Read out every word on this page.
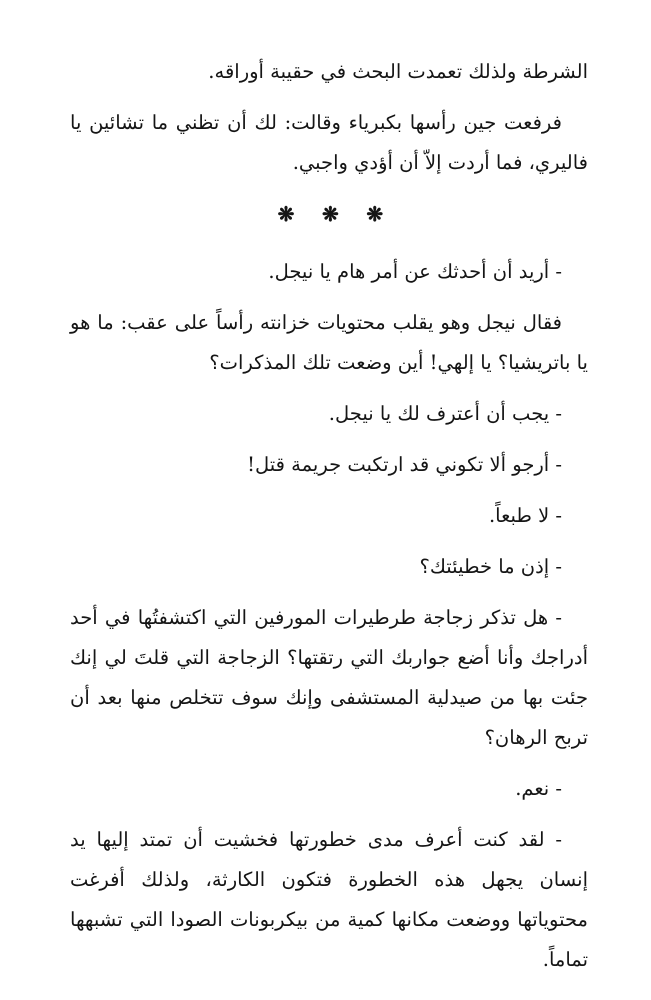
الشرطة ولذلك تعمدت البحث في حقيبة أوراقه.

فرفعت جين رأسها بكبرياء وقالت: لك أن تظني ما تشائين يا فاليري، فما أردت إلاّ أن أؤدي واجبي.

❋ ❋ ❋

- أريد أن أحدثك عن أمر هام يا نيجل.

فقال نيجل وهو يقلب محتويات خزانته رأساً على عقب: ما هو يا باتريشيا؟ يا إلهي! أين وضعت تلك المذكرات؟

- يجب أن أعترف لك يا نيجل.

- أرجو ألا تكوني قد ارتكبت جريمة قتل!

- لا طبعاً.

- إذن ما خطيئتك؟

- هل تذكر زجاجة طرطيرات المورفين التي اكتشفتُها في أحد أدراجك وأنا أضع جواربك التي رتقتها؟ الزجاجة التي قلتَ لي إنك جئت بها من صيدلية المستشفى وإنك سوف تتخلص منها بعد أن تربح الرهان؟

- نعم.

- لقد كنت أعرف مدى خطورتها فخشيت أن تمتد إليها يد إنسان يجهل هذه الخطورة فتكون الكارثة، ولذلك أفرغت محتوياتها ووضعت مكانها كمية من بيكربونات الصودا التي تشبهها تماماً.
